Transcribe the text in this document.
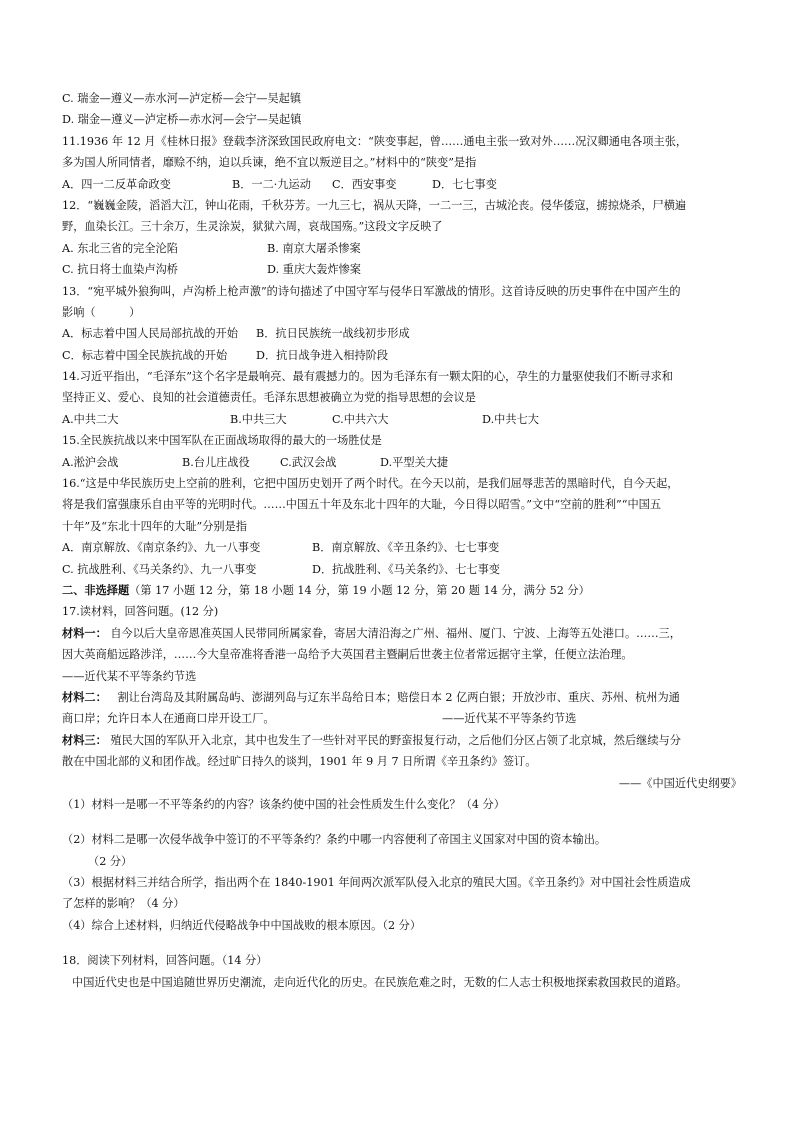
C. 瑞金—遵义—赤水河—泸定桥—会宁—吴起镇
D. 瑞金—遵义—泸定桥—赤水河—会宁—吴起镇
11.1936 年 12 月《桂林日报》登载李济深致国民政府电文：“陕变事起，曾……通电主张一致对外……况汉卿通电各项主张，
多为国人所同情者，靡赊不纳，迫以兵谏，绝不宜以叛逆目之。”材料中的“陕变”是指
A．四一二反革命政变	B．一二·九运动	C．西安事变	D．七七事变
12．“巍巍金陵，滔滔大江，钟山花雨，千秋芬芳。一九三七，祸从天降，一二一三，古城沦丧。侵华倭寇，掳掠烧杀，尸横遍
野，血染长江。三十余万，生灵涂炭，狱狱六周，哀哉国殇。”这段文字反映了
A. 东北三省的完全沦陷	B. 南京大屠杀惨案
C. 抗日将士血染卢沟桥	D. 重庆大轰炸惨案
13．“宛平城外狼狗叫，卢沟桥上枪声激”的诗句描述了中国守军与侵华日军激战的情形。这首诗反映的历史事件在中国产生的
影响（　　　）
A．标志着中国人民局部抗战的开始	B．抗日民族统一战线初步形成
C．标志着中国全民族抗战的开始	D．抗日战争进入相持阶段
14.习近平指出，“毛泽东”这个名字是最响亮、最有震撼力的。因为毛泽东有一颗太阳的心，孕生的力量驱使我们不断寻求和
坚持正义、爱心、良知的社会道德责任。毛泽东思想被确立为党的指导思想的会议是
A.中共二大	B.中共三大	C.中共六大	D.中共七大
15.全民族抗战以来中国军队在正面战场取得的最大的一场胜仗是
A.淞沪会战	B.台儿庄战役	C.武汉会战	D.平型关大捷
16.“这是中华民族历史上空前的胜利，它把中国历史划开了两个时代。在今天以前，是我们屈辱悲苦的黑暗时代，自今天起，
将是我们富强康乐自由平等的光明时代。……中国五十年及东北十四年的大耻，今日得以昭雪。”文中“空前的胜利”“中国五
十年”及“东北十四年的大耻”分别是指
A．南京解放、《南京条约》、九一八事变	B．南京解放、《辛丑条约》、七七事变
C. 抗战胜利、《马关条约》、九一八事变	D．抗战胜利、《马关条约》、七七事变
二、非选择题（第 17 小题 12 分，第 18 小题 14 分，第 19 小题 12 分，第 20 题 14 分，满分 52 分）
17.读材料，回答问题。(12 分)
材料一： 自今以后大皇帝恩准英国人民带同所属家眷，寄居大清沿海之广州、福州、厦门、宁波、上海等五处港口。……三，
因大英商船远路涉洋，……今大皇帝准将香港一岛给予大英国君主暨嗣后世袭主位者常远据守主掌，任便立法治理。
——近代某不平等条约节选
材料二： 割让台湾岛及其附属岛屿、澎湖列岛与辽东半岛给日本；赔偿日本 2 亿两白银；开放沙市、重庆、苏州、杭州为通
商口岸；允许日本人在通商口岸开设工厂。	——近代某不平等条约节选
材料三： 殖民大国的军队开入北京，其中也发生了一些针对平民的野蛮报复行动，之后他们分区占领了北京城，然后继续与分
散在中国北部的义和团作战。经过旷日持久的谈判，1901 年 9 月 7 日所谓《辛丑条约》签订。
——《中国近代史纲要》
（1）材料一是哪一不平等条约的内容？该条约使中国的社会性质发生什么变化？（4 分）
（2）材料二是哪一次侵华战争中签订的不平等条约？条约中哪一内容便利了帝国主义国家对中国的资本输出。
（2 分）
（3）根据材料三并结合所学，指出两个在 1840-1901 年间两次派军队侵入北京的殖民大国。《辛丑条约》对中国社会性质造成
了怎样的影响？（4 分）
（4）综合上述材料，归纳近代侵略战争中中国战败的根本原因。（2 分）
18．阅读下列材料，回答问题。（14 分）
中国近代史也是中国追随世界历史潮流，走向近代化的历史。在民族危难之时，无数的仁人志士积极地探索救国救民的道路。
